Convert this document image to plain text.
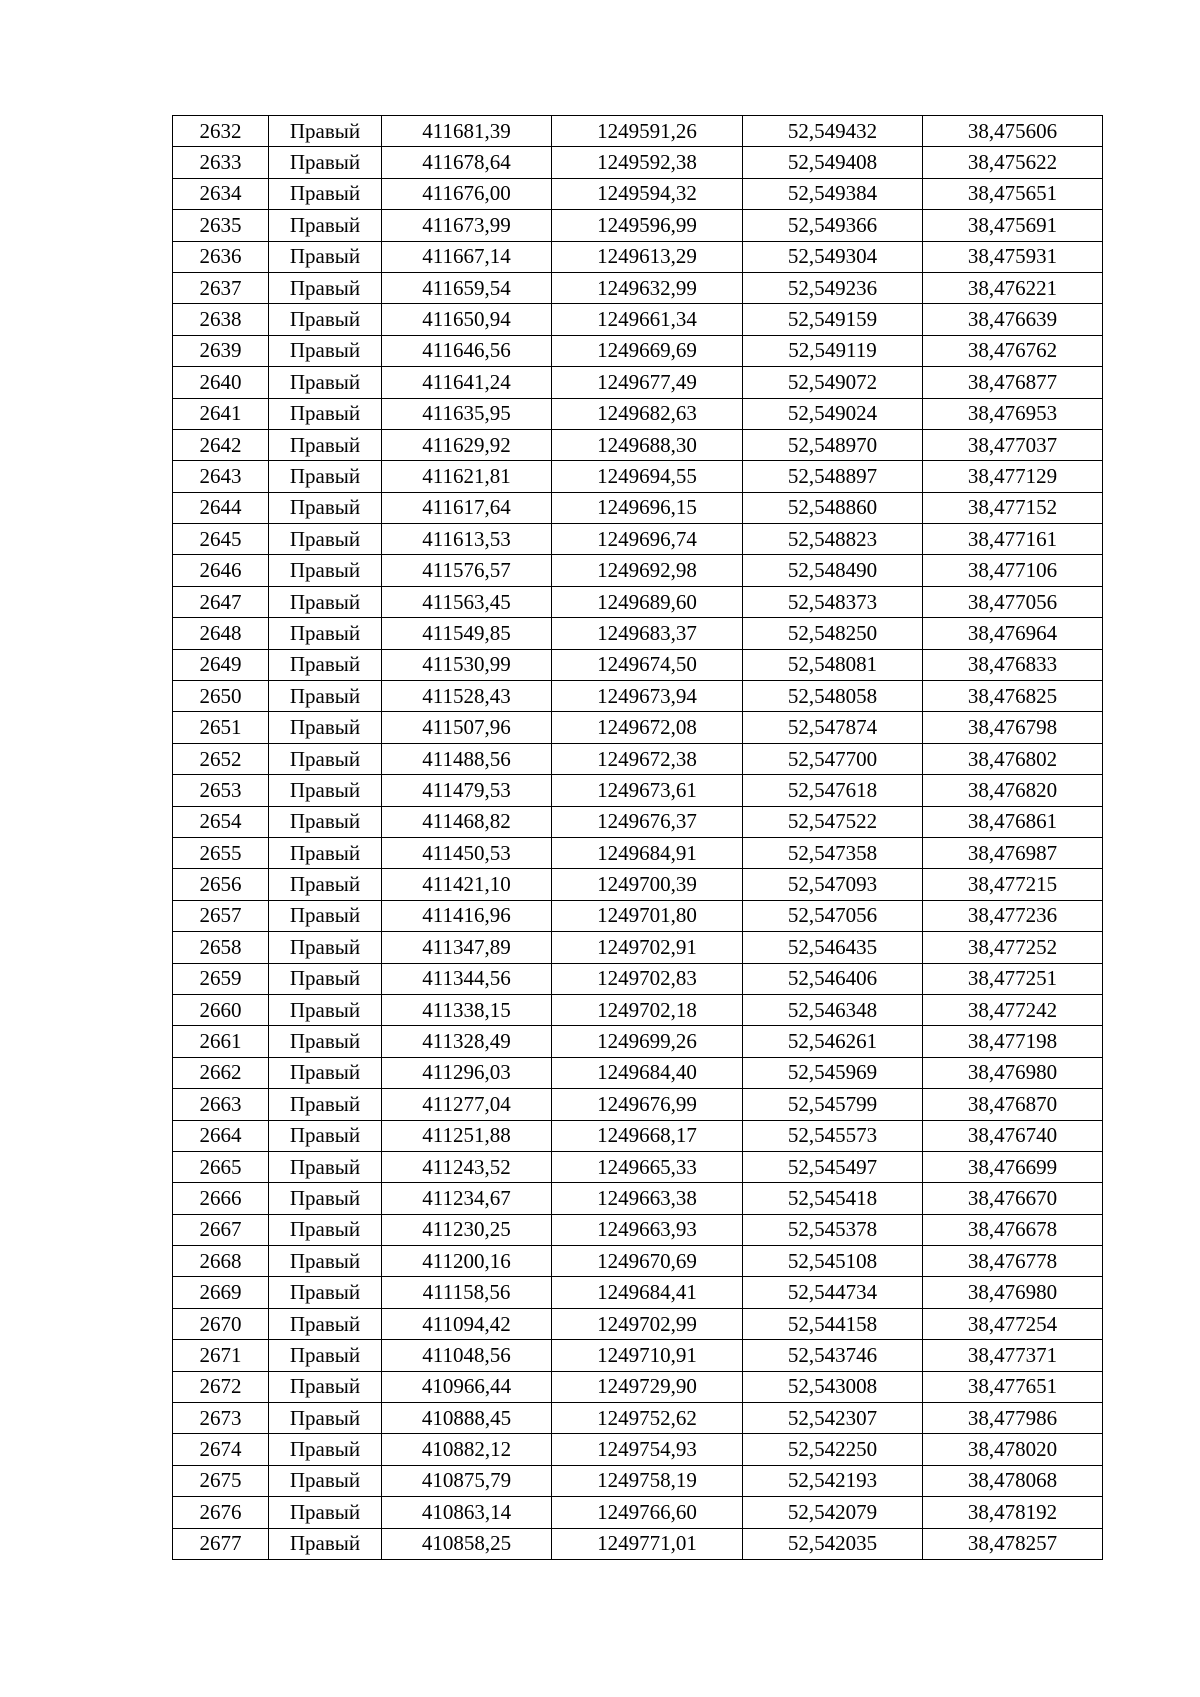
2632	Правый	411681,39	1249591,26	52,549432	38,475606
2633	Правый	411678,64	1249592,38	52,549408	38,475622
2634	Правый	411676,00	1249594,32	52,549384	38,475651
2635	Правый	411673,99	1249596,99	52,549366	38,475691
2636	Правый	411667,14	1249613,29	52,549304	38,475931
2637	Правый	411659,54	1249632,99	52,549236	38,476221
2638	Правый	411650,94	1249661,34	52,549159	38,476639
2639	Правый	411646,56	1249669,69	52,549119	38,476762
2640	Правый	411641,24	1249677,49	52,549072	38,476877
2641	Правый	411635,95	1249682,63	52,549024	38,476953
2642	Правый	411629,92	1249688,30	52,548970	38,477037
2643	Правый	411621,81	1249694,55	52,548897	38,477129
2644	Правый	411617,64	1249696,15	52,548860	38,477152
2645	Правый	411613,53	1249696,74	52,548823	38,477161
2646	Правый	411576,57	1249692,98	52,548490	38,477106
2647	Правый	411563,45	1249689,60	52,548373	38,477056
2648	Правый	411549,85	1249683,37	52,548250	38,476964
2649	Правый	411530,99	1249674,50	52,548081	38,476833
2650	Правый	411528,43	1249673,94	52,548058	38,476825
2651	Правый	411507,96	1249672,08	52,547874	38,476798
2652	Правый	411488,56	1249672,38	52,547700	38,476802
2653	Правый	411479,53	1249673,61	52,547618	38,476820
2654	Правый	411468,82	1249676,37	52,547522	38,476861
2655	Правый	411450,53	1249684,91	52,547358	38,476987
2656	Правый	411421,10	1249700,39	52,547093	38,477215
2657	Правый	411416,96	1249701,80	52,547056	38,477236
2658	Правый	411347,89	1249702,91	52,546435	38,477252
2659	Правый	411344,56	1249702,83	52,546406	38,477251
2660	Правый	411338,15	1249702,18	52,546348	38,477242
2661	Правый	411328,49	1249699,26	52,546261	38,477198
2662	Правый	411296,03	1249684,40	52,545969	38,476980
2663	Правый	411277,04	1249676,99	52,545799	38,476870
2664	Правый	411251,88	1249668,17	52,545573	38,476740
2665	Правый	411243,52	1249665,33	52,545497	38,476699
2666	Правый	411234,67	1249663,38	52,545418	38,476670
2667	Правый	411230,25	1249663,93	52,545378	38,476678
2668	Правый	411200,16	1249670,69	52,545108	38,476778
2669	Правый	411158,56	1249684,41	52,544734	38,476980
2670	Правый	411094,42	1249702,99	52,544158	38,477254
2671	Правый	411048,56	1249710,91	52,543746	38,477371
2672	Правый	410966,44	1249729,90	52,543008	38,477651
2673	Правый	410888,45	1249752,62	52,542307	38,477986
2674	Правый	410882,12	1249754,93	52,542250	38,478020
2675	Правый	410875,79	1249758,19	52,542193	38,478068
2676	Правый	410863,14	1249766,60	52,542079	38,478192
2677	Правый	410858,25	1249771,01	52,542035	38,478257
